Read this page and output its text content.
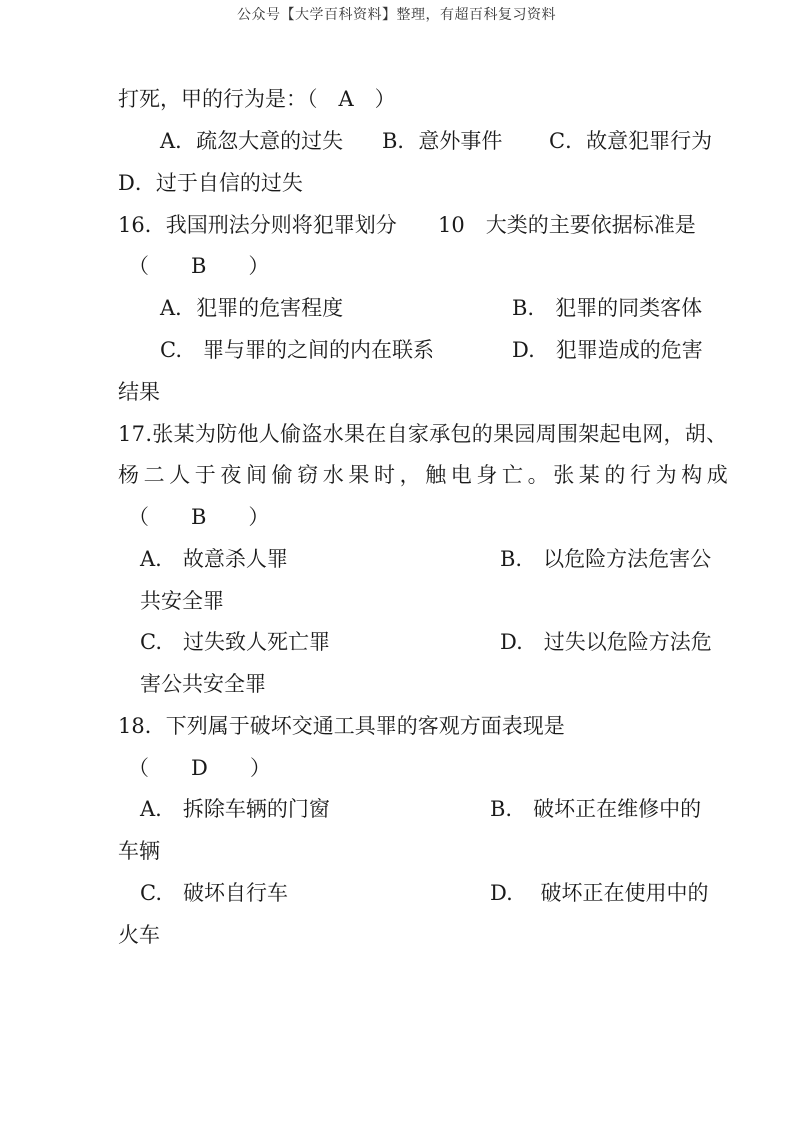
公众号【大学百科资料】整理，有超百科复习资料
打死，甲的行为是：（　A　）
A．疏忽大意的过失 B．意外事件 C．故意犯罪行为
D．过于自信的过失
16．我国刑法分则将犯罪划分 10　大类的主要依据标准是
（　　B　　）
A．犯罪的危害程度	B.　犯罪的同类客体
C.　罪与罪的之间的内在联系	D.　犯罪造成的危害
结果
17.张某为防他人偷盗水果在自家承包的果园周围架起电网，胡、
杨二人于夜间偷窃水果时，触电身亡。张某的行为构成
（　　B　　）
A.　故意杀人罪	B.　以危险方法危害公
共安全罪
C.　过失致人死亡罪	D.　过失以危险方法危
害公共安全罪
18．下列属于破坏交通工具罪的客观方面表现是
（　　D　　）
A.　拆除车辆的门窗	B.　破坏正在维修中的
车辆
C.　破坏自行车	D.　 破坏正在使用中的
火车
